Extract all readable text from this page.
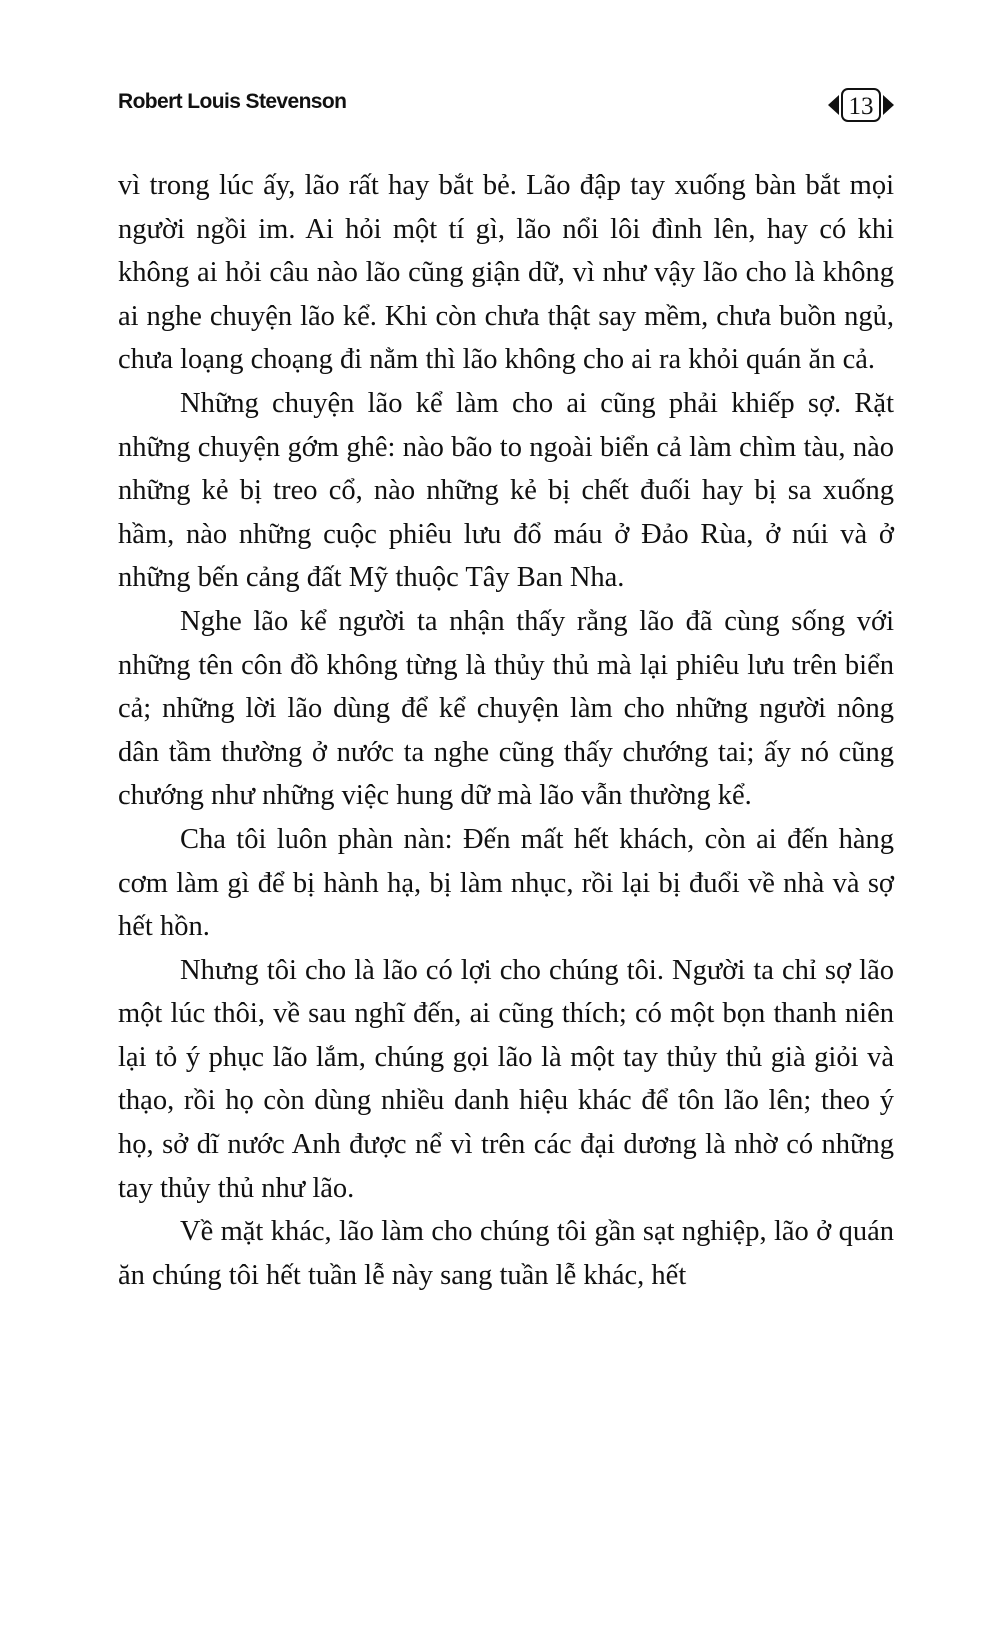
Robert Louis Stevenson	13

vì trong lúc ấy, lão rất hay bắt bẻ. Lão đập tay xuống bàn bắt mọi người ngồi im. Ai hỏi một tí gì, lão nổi lôi đình lên, hay có khi không ai hỏi câu nào lão cũng giận dữ, vì như vậy lão cho là không ai nghe chuyện lão kể. Khi còn chưa thật say mềm, chưa buồn ngủ, chưa loạng choạng đi nằm thì lão không cho ai ra khỏi quán ăn cả.

Những chuyện lão kể làm cho ai cũng phải khiếp sợ. Rặt những chuyện gớm ghê: nào bão to ngoài biển cả làm chìm tàu, nào những kẻ bị treo cổ, nào những kẻ bị chết đuối hay bị sa xuống hầm, nào những cuộc phiêu lưu đổ máu ở Đảo Rùa, ở núi và ở những bến cảng đất Mỹ thuộc Tây Ban Nha.

Nghe lão kể người ta nhận thấy rằng lão đã cùng sống với những tên côn đồ không từng là thủy thủ mà lại phiêu lưu trên biển cả; những lời lão dùng để kể chuyện làm cho những người nông dân tầm thường ở nước ta nghe cũng thấy chướng tai; ấy nó cũng chướng như những việc hung dữ mà lão vẫn thường kể.

Cha tôi luôn phàn nàn: Đến mất hết khách, còn ai đến hàng cơm làm gì để bị hành hạ, bị làm nhục, rồi lại bị đuổi về nhà và sợ hết hồn.

Nhưng tôi cho là lão có lợi cho chúng tôi. Người ta chỉ sợ lão một lúc thôi, về sau nghĩ đến, ai cũng thích; có một bọn thanh niên lại tỏ ý phục lão lắm, chúng gọi lão là một tay thủy thủ già giỏi và thạo, rồi họ còn dùng nhiều danh hiệu khác để tôn lão lên; theo ý họ, sở dĩ nước Anh được nể vì trên các đại dương là nhờ có những tay thủy thủ như lão.

Về mặt khác, lão làm cho chúng tôi gần sạt nghiệp, lão ở quán ăn chúng tôi hết tuần lễ này sang tuần lễ khác, hết
